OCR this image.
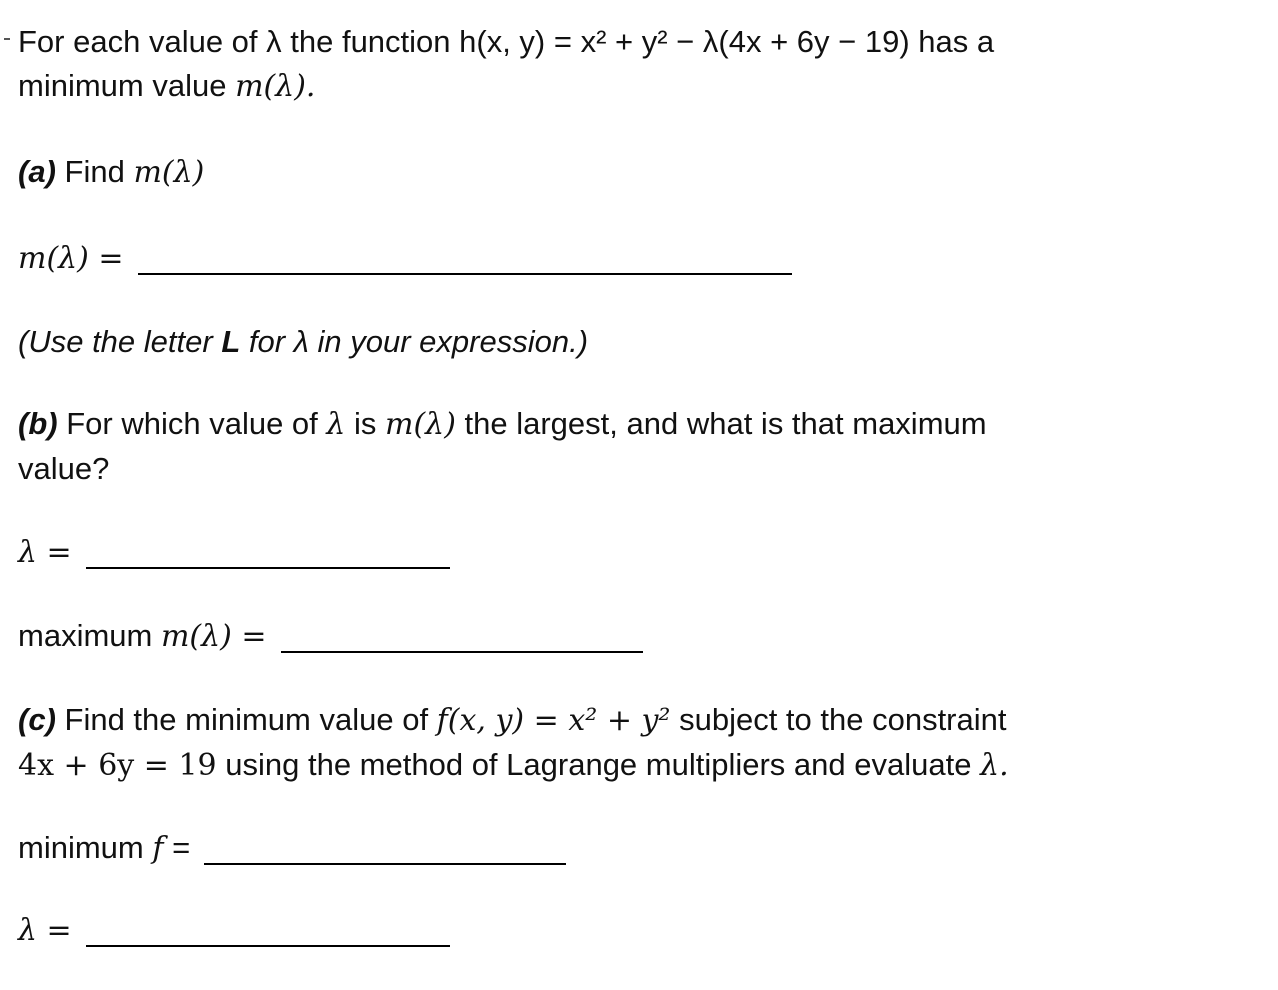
For each value of λ the function h(x, y) = x² + y² − λ(4x + 6y − 19) has a
minimum value m(λ).

(a) Find m(λ)

m(λ) =

(Use the letter L for λ in your expression.)

(b) For which value of λ is m(λ) the largest, and what is that maximum
value?

λ =
maximum m(λ) =

(c) Find the minimum value of f(x, y) = x² + y² subject to the constraint
4x + 6y = 19 using the method of Lagrange multipliers and evaluate λ.

minimum f =
λ =
